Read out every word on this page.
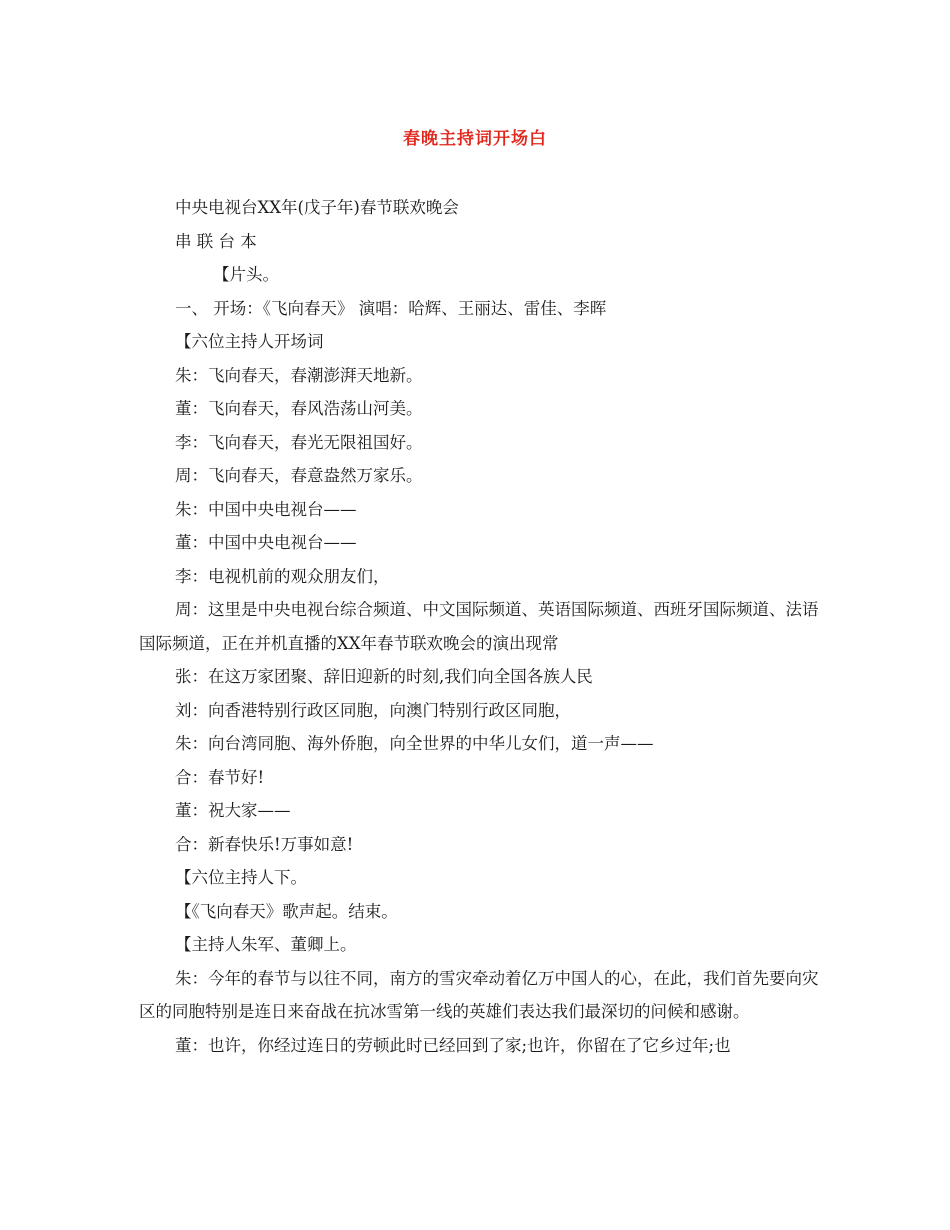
春晚主持词开场白

中央电视台XX年(戊子年)春节联欢晚会

串 联 台 本

【片头。

一、 开场：《飞向春天》 演唱：哈辉、王丽达、雷佳、李晖

【六位主持人开场词

朱：飞向春天，春潮澎湃天地新。

董：飞向春天，春风浩荡山河美。

李：飞向春天，春光无限祖国好。

周：飞向春天，春意盎然万家乐。

朱：中国中央电视台——

董：中国中央电视台——

李：电视机前的观众朋友们，

周：这里是中央电视台综合频道、中文国际频道、英语国际频道、西班牙国际频道、法语国际频道，正在并机直播的XX年春节联欢晚会的演出现常

张：在这万家团聚、辞旧迎新的时刻,我们向全国各族人民

刘：向香港特别行政区同胞，向澳门特别行政区同胞，

朱：向台湾同胞、海外侨胞，向全世界的中华儿女们，道一声——

合：春节好!

董：祝大家——

合：新春快乐!万事如意!

【六位主持人下。

【《飞向春天》歌声起。结束。

【主持人朱军、董卿上。

朱：今年的春节与以往不同，南方的雪灾牵动着亿万中国人的心，在此，我们首先要向灾区的同胞特别是连日来奋战在抗冰雪第一线的英雄们表达我们最深切的问候和感谢。

董：也许，你经过连日的劳顿此时已经回到了家;也许，你留在了它乡过年;也
